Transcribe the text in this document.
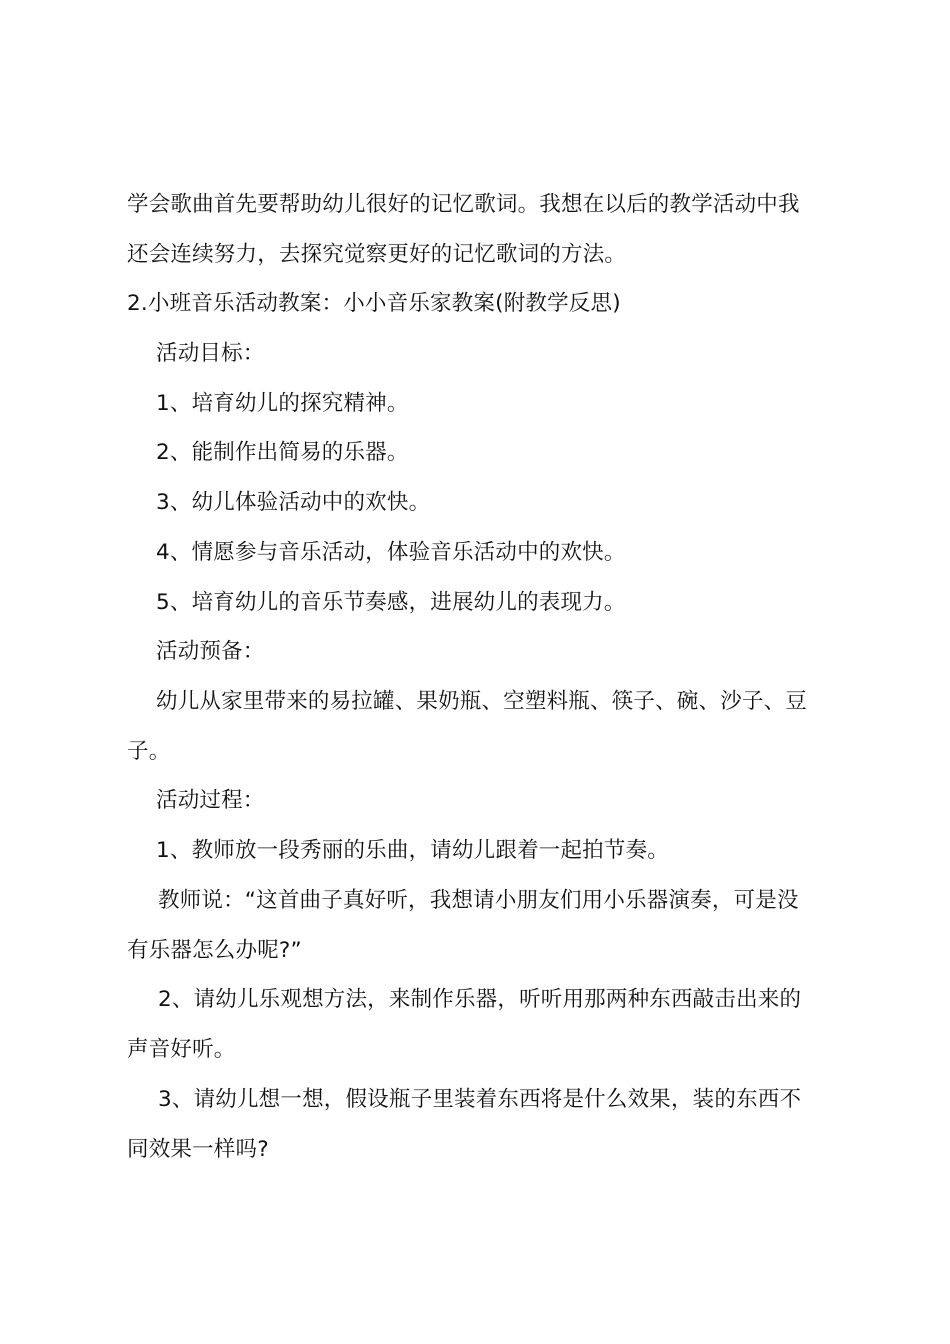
学会歌曲首先要帮助幼儿很好的记忆歌词。我想在以后的教学活动中我
还会连续努力，去探究觉察更好的记忆歌词的方法。
2.小班音乐活动教案：小小音乐家教案(附教学反思)
活动目标：
1、培育幼儿的探究精神。
2、能制作出简易的乐器。
3、幼儿体验活动中的欢快。
4、情愿参与音乐活动，体验音乐活动中的欢快。
5、培育幼儿的音乐节奏感，进展幼儿的表现力。
活动预备：
幼儿从家里带来的易拉罐、果奶瓶、空塑料瓶、筷子、碗、沙子、豆
子。
活动过程：
1、教师放一段秀丽的乐曲，请幼儿跟着一起拍节奏。
教师说：“这首曲子真好听，我想请小朋友们用小乐器演奏，可是没
有乐器怎么办呢?”
2、请幼儿乐观想方法，来制作乐器，听听用那两种东西敲击出来的
声音好听。
3、请幼儿想一想，假设瓶子里装着东西将是什么效果，装的东西不
同效果一样吗?
